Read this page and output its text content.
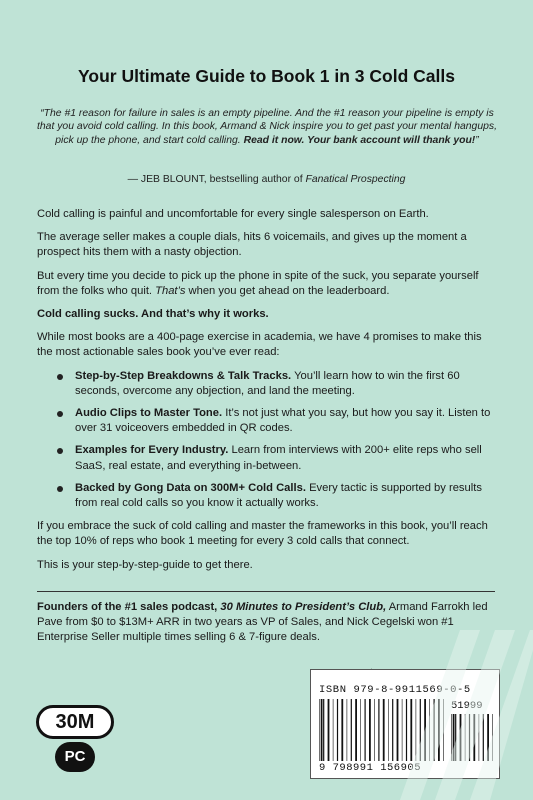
Your Ultimate Guide to Book 1 in 3 Cold Calls
“The #1 reason for failure in sales is an empty pipeline. And the #1 reason your pipeline is empty is that you avoid cold calling. In this book, Armand & Nick inspire you to get past your mental hangups, pick up the phone, and start cold calling. Read it now. Your bank account will thank you!”
— JEB BLOUNT, bestselling author of Fanatical Prospecting

Cold calling is painful and uncomfortable for every single salesperson on Earth.

The average seller makes a couple dials, hits 6 voicemails, and gives up the moment a prospect hits them with a nasty objection.

But every time you decide to pick up the phone in spite of the suck, you separate yourself from the folks who quit. That’s when you get ahead on the leaderboard.

Cold calling sucks. And that’s why it works.

While most books are a 400-page exercise in academia, we have 4 promises to make this the most actionable sales book you’ve ever read:

Step-by-Step Breakdowns & Talk Tracks. You’ll learn how to win the first 60 seconds, overcome any objection, and land the meeting.
Audio Clips to Master Tone. It’s not just what you say, but how you say it. Listen to over 31 voiceovers embedded in QR codes.
Examples for Every Industry. Learn from interviews with 200+ elite reps who sell SaaS, real estate, and everything in-between.
Backed by Gong Data on 300M+ Cold Calls. Every tactic is supported by results from real cold calls so you know it actually works.

If you embrace the suck of cold calling and master the frameworks in this book, you’ll reach the top 10% of reps who book 1 meeting for every 3 cold calls that connect.

This is your step-by-step-guide to get there.

Founders of the #1 sales podcast, 30 Minutes to President’s Club, Armand Farrokh led Pave from $0 to $13M+ ARR in two years as VP of Sales, and Nick Cegelski won #1 Enterprise Seller multiple times selling 6 & 7-figure deals.
30M
PC
ISBN 979-8-9911569-0-5
51999
9 798991 156905
